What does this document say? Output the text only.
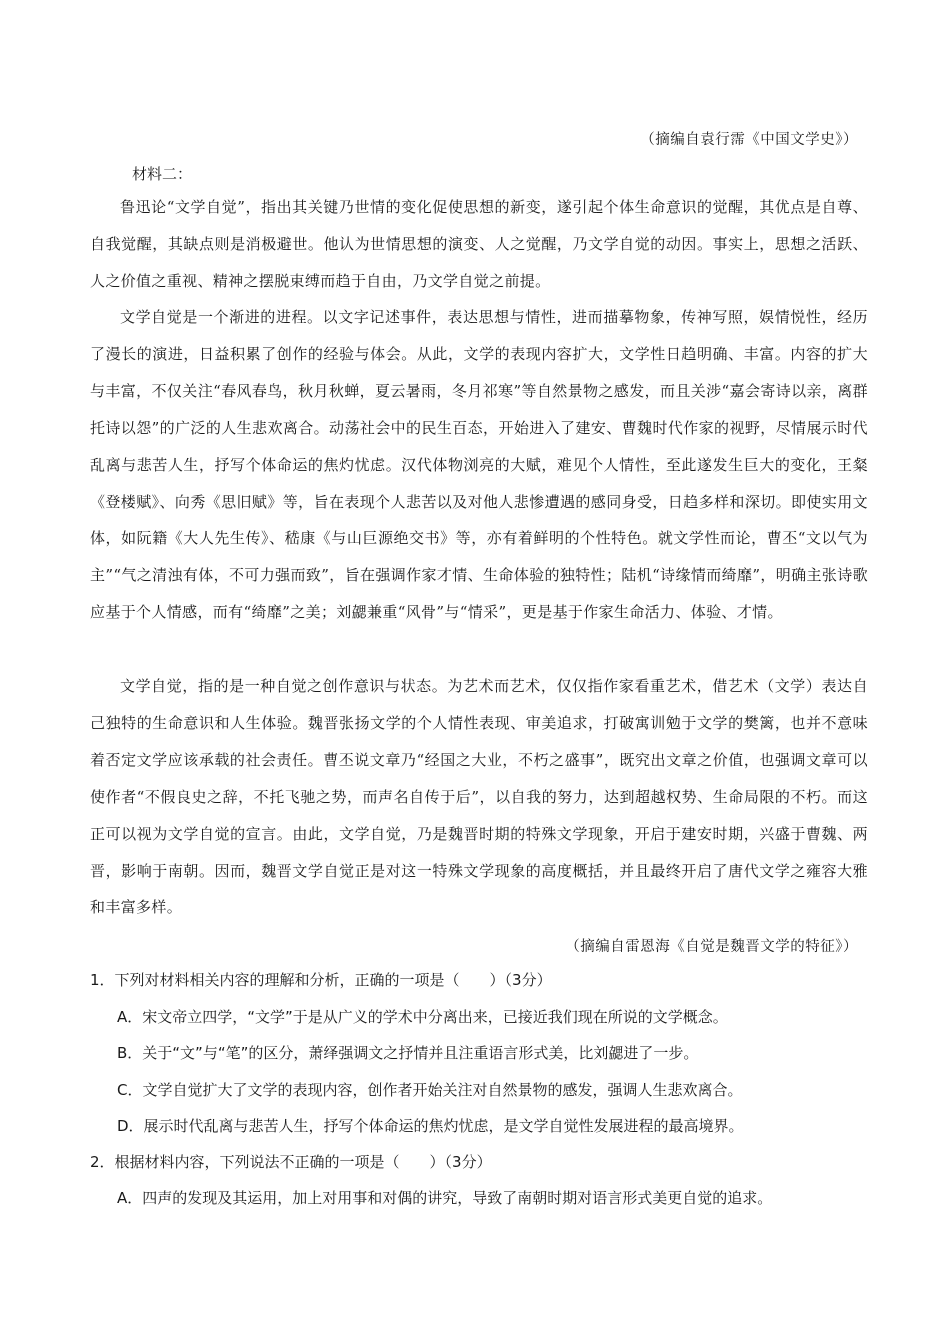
（摘编自袁行霈《中国文学史》）
材料二：

鲁迅论“文学自觉”，指出其关键乃世情的变化促使思想的新变，遂引起个体生命意识的觉醒，其优点是自尊、自我觉醒，其缺点则是消极避世。他认为世情思想的演变、人之觉醒，乃文学自觉的动因。事实上，思想之活跃、人之价值之重视、精神之摆脱束缚而趋于自由，乃文学自觉之前提。

文学自觉是一个渐进的进程。以文字记述事件，表达思想与情性，进而描摹物象，传神写照，娱情悦性，经历了漫长的演进，日益积累了创作的经验与体会。从此，文学的表现内容扩大，文学性日趋明确、丰富。内容的扩大与丰富，不仅关注“春风春鸟，秋月秋蝉，夏云暑雨，冬月祁寒”等自然景物之感发，而且关涉“嘉会寄诗以亲，离群托诗以怨”的广泛的人生悲欢离合。动荡社会中的民生百态，开始进入了建安、曹魏时代作家的视野，尽情展示时代乱离与悲苦人生，抒写个体命运的焦灼忧虑。汉代体物浏亮的大赋，难见个人情性，至此遂发生巨大的变化，王粲《登楼赋》、向秀《思旧赋》等，旨在表现个人悲苦以及对他人悲惨遭遇的感同身受，日趋多样和深切。即使实用文体，如阮籍《大人先生传》、嵇康《与山巨源绝交书》等，亦有着鲜明的个性特色。就文学性而论，曹丕“文以气为主”“气之清浊有体，不可力强而致”，旨在强调作家才情、生命体验的独特性；陆机“诗缘情而绮靡”，明确主张诗歌应基于个人情感，而有“绮靡”之美；刘勰兼重“风骨”与“情采”，更是基于作家生命活力、体验、才情。

文学自觉，指的是一种自觉之创作意识与状态。为艺术而艺术，仅仅指作家看重艺术，借艺术（文学）表达自己独特的生命意识和人生体验。魏晋张扬文学的个人情性表现、审美追求，打破寓训勉于文学的樊篱，也并不意味着否定文学应该承载的社会责任。曹丕说文章乃“经国之大业，不朽之盛事”，既究出文章之价值，也强调文章可以使作者“不假良史之辞，不托飞驰之势，而声名自传于后”，以自我的努力，达到超越权势、生命局限的不朽。而这正可以视为文学自觉的宣言。由此，文学自觉，乃是魏晋时期的特殊文学现象，开启于建安时期，兴盛于曹魏、两晋，影响于南朝。因而，魏晋文学自觉正是对这一特殊文学现象的高度概括，并且最终开启了唐代文学之雍容大雅和丰富多样。

（摘编自雷恩海《自觉是魏晋文学的特征》）
1．下列对材料相关内容的理解和分析，正确的一项是（　　）（3分）
A．宋文帝立四学，“文学”于是从广义的学术中分离出来，已接近我们现在所说的文学概念。
B．关于“文”与“笔”的区分，萧绎强调文之抒情并且注重语言形式美，比刘勰进了一步。
C．文学自觉扩大了文学的表现内容，创作者开始关注对自然景物的感发，强调人生悲欢离合。
D．展示时代乱离与悲苦人生，抒写个体命运的焦灼忧虑，是文学自觉性发展进程的最高境界。
2．根据材料内容，下列说法不正确的一项是（　　）（3分）
A．四声的发现及其运用，加上对用事和对偶的讲究，导致了南朝时期对语言形式美更自觉的追求。
